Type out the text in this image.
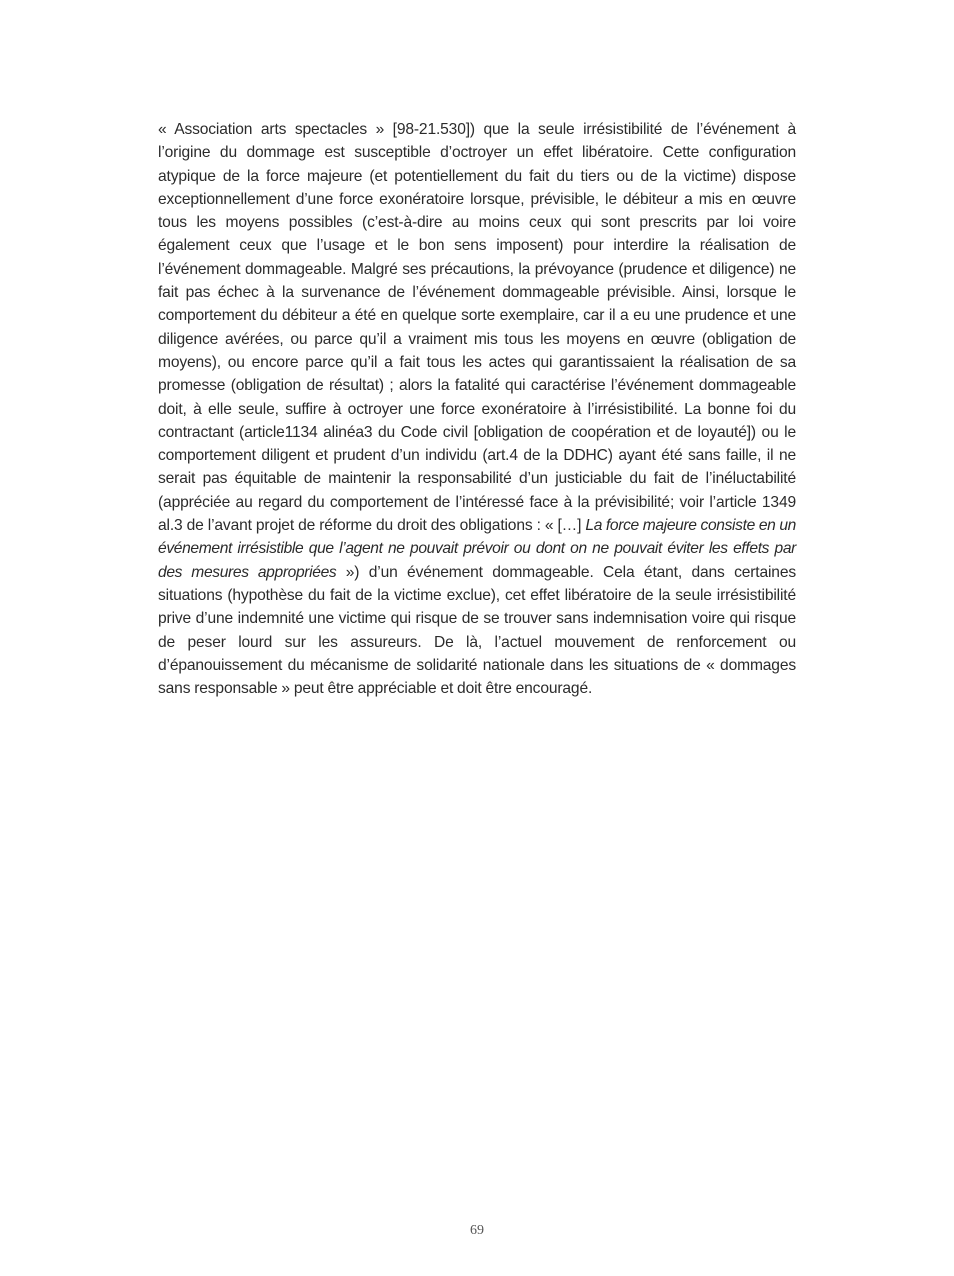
« Association arts spectacles » [98-21.530]) que la seule irrésistibilité de l’événement à l’origine du dommage est susceptible d’octroyer un effet libératoire. Cette configuration atypique de la force majeure (et potentiellement du fait du tiers ou de la victime) dispose exceptionnellement d’une force exonératoire lorsque, prévisible, le débiteur a mis en œuvre tous les moyens possibles (c’est-à-dire au moins ceux qui sont prescrits par loi voire également ceux que l’usage et le bon sens imposent) pour interdire la réalisation de l’événement dommageable. Malgré ses précautions, la prévoyance (prudence et diligence) ne fait pas échec à la survenance de l’événement dommageable prévisible. Ainsi, lorsque le comportement du débiteur a été en quelque sorte exemplaire, car il a eu une prudence et une diligence avérées, ou parce qu’il a vraiment mis tous les moyens en œuvre (obligation de moyens), ou encore parce qu’il a fait tous les actes qui garantissaient la réalisation de sa promesse (obligation de résultat) ; alors la fatalité qui caractérise l’événement dommageable doit, à elle seule, suffire à octroyer une force exonératoire à l’irrésistibilité. La bonne foi du contractant (article1134 alinéa3 du Code civil [obligation de coopération et de loyauté]) ou le comportement diligent et prudent d’un individu (art.4 de la DDHC) ayant été sans faille, il ne serait pas équitable de maintenir la responsabilité d’un justiciable du fait de l’inéluctabilité (appréciée au regard du comportement de l’intéressé face à la prévisibilité; voir l’article 1349 al.3 de l’avant projet de réforme du droit des obligations : « […] La force majeure consiste en un événement irrésistible que l’agent ne pouvait prévoir ou dont on ne pouvait éviter les effets par des mesures appropriées ») d’un événement dommageable. Cela étant, dans certaines situations (hypothèse du fait de la victime exclue), cet effet libératoire de la seule irrésistibilité prive d’une indemnité une victime qui risque de se trouver sans indemnisation voire qui risque de peser lourd sur les assureurs. De là, l’actuel mouvement de renforcement ou d’épanouissement du mécanisme de solidarité nationale dans les situations de « dommages sans responsable » peut être appréciable et doit être encouragé.

69
